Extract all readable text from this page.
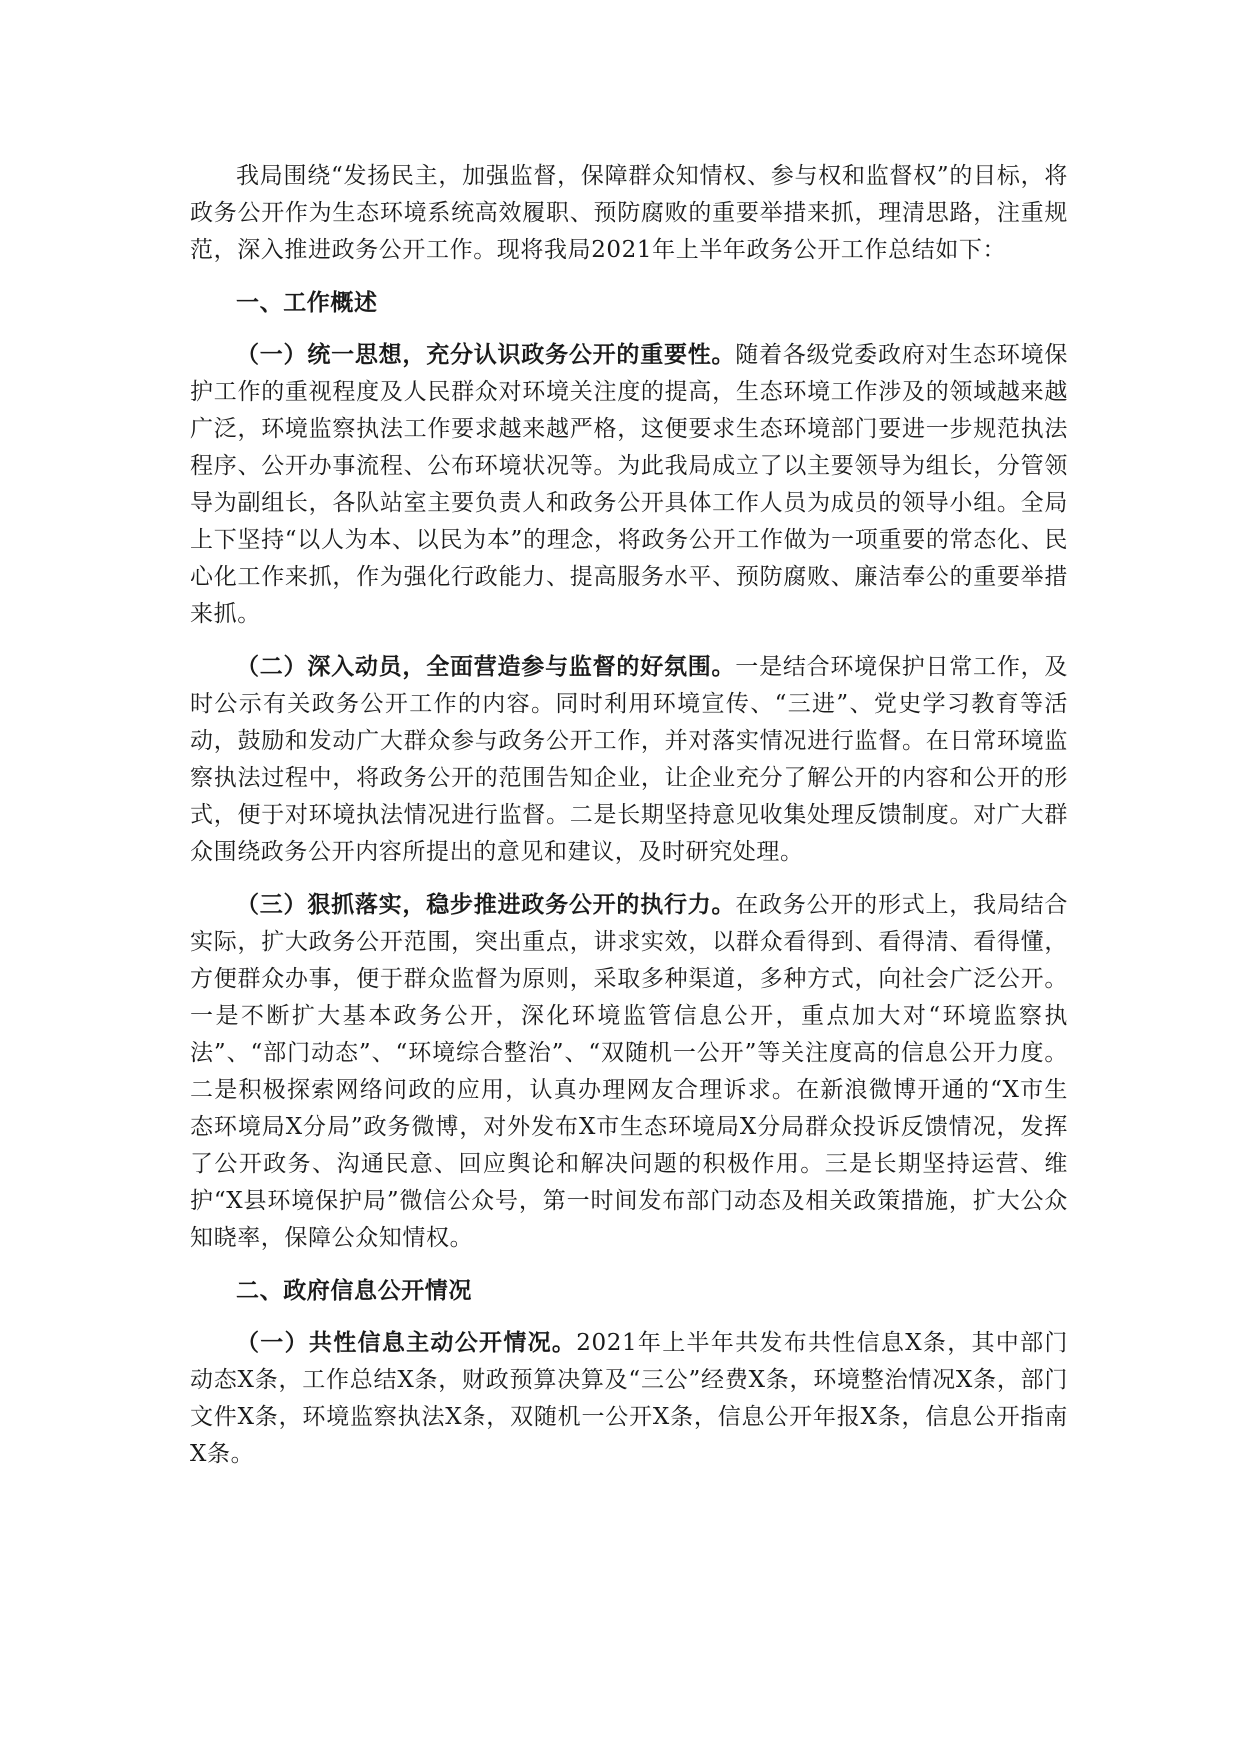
我局围绕“发扬民主，加强监督，保障群众知情权、参与权和监督权”的目标，将政务公开作为生态环境系统高效履职、预防腐败的重要举措来抓，理清思路，注重规范，深入推进政务公开工作。现将我局2021年上半年政务公开工作总结如下：

一、工作概述

（一）统一思想，充分认识政务公开的重要性。随着各级党委政府对生态环境保护工作的重视程度及人民群众对环境关注度的提高，生态环境工作涉及的领域越来越广泛，环境监察执法工作要求越来越严格，这便要求生态环境部门要进一步规范执法程序、公开办事流程、公布环境状况等。为此我局成立了以主要领导为组长，分管领导为副组长，各队站室主要负责人和政务公开具体工作人员为成员的领导小组。全局上下坚持“以人为本、以民为本”的理念，将政务公开工作做为一项重要的常态化、民心化工作来抓，作为强化行政能力、提高服务水平、预防腐败、廉洁奉公的重要举措来抓。

（二）深入动员，全面营造参与监督的好氛围。一是结合环境保护日常工作，及时公示有关政务公开工作的内容。同时利用环境宣传、“三进”、党史学习教育等活动，鼓励和发动广大群众参与政务公开工作，并对落实情况进行监督。在日常环境监察执法过程中，将政务公开的范围告知企业，让企业充分了解公开的内容和公开的形式，便于对环境执法情况进行监督。二是长期坚持意见收集处理反馈制度。对广大群众围绕政务公开内容所提出的意见和建议，及时研究处理。

（三）狠抓落实，稳步推进政务公开的执行力。在政务公开的形式上，我局结合实际，扩大政务公开范围，突出重点，讲求实效，以群众看得到、看得清、看得懂，方便群众办事，便于群众监督为原则，采取多种渠道，多种方式，向社会广泛公开。一是不断扩大基本政务公开，深化环境监管信息公开，重点加大对“环境监察执法”、“部门动态”、“环境综合整治”、“双随机一公开”等关注度高的信息公开力度。二是积极探索网络问政的应用，认真办理网友合理诉求。在新浪微博开通的“X市生态环境局X分局”政务微博，对外发布X市生态环境局X分局群众投诉反馈情况，发挥了公开政务、沟通民意、回应舆论和解决问题的积极作用。三是长期坚持运营、维护“X县环境保护局”微信公众号，第一时间发布部门动态及相关政策措施，扩大公众知晓率，保障公众知情权。

二、政府信息公开情况

（一）共性信息主动公开情况。2021年上半年共发布共性信息X条，其中部门动态X条，工作总结X条，财政预算决算及“三公”经费X条，环境整治情况X条，部门文件X条，环境监察执法X条，双随机一公开X条，信息公开年报X条，信息公开指南X条。
